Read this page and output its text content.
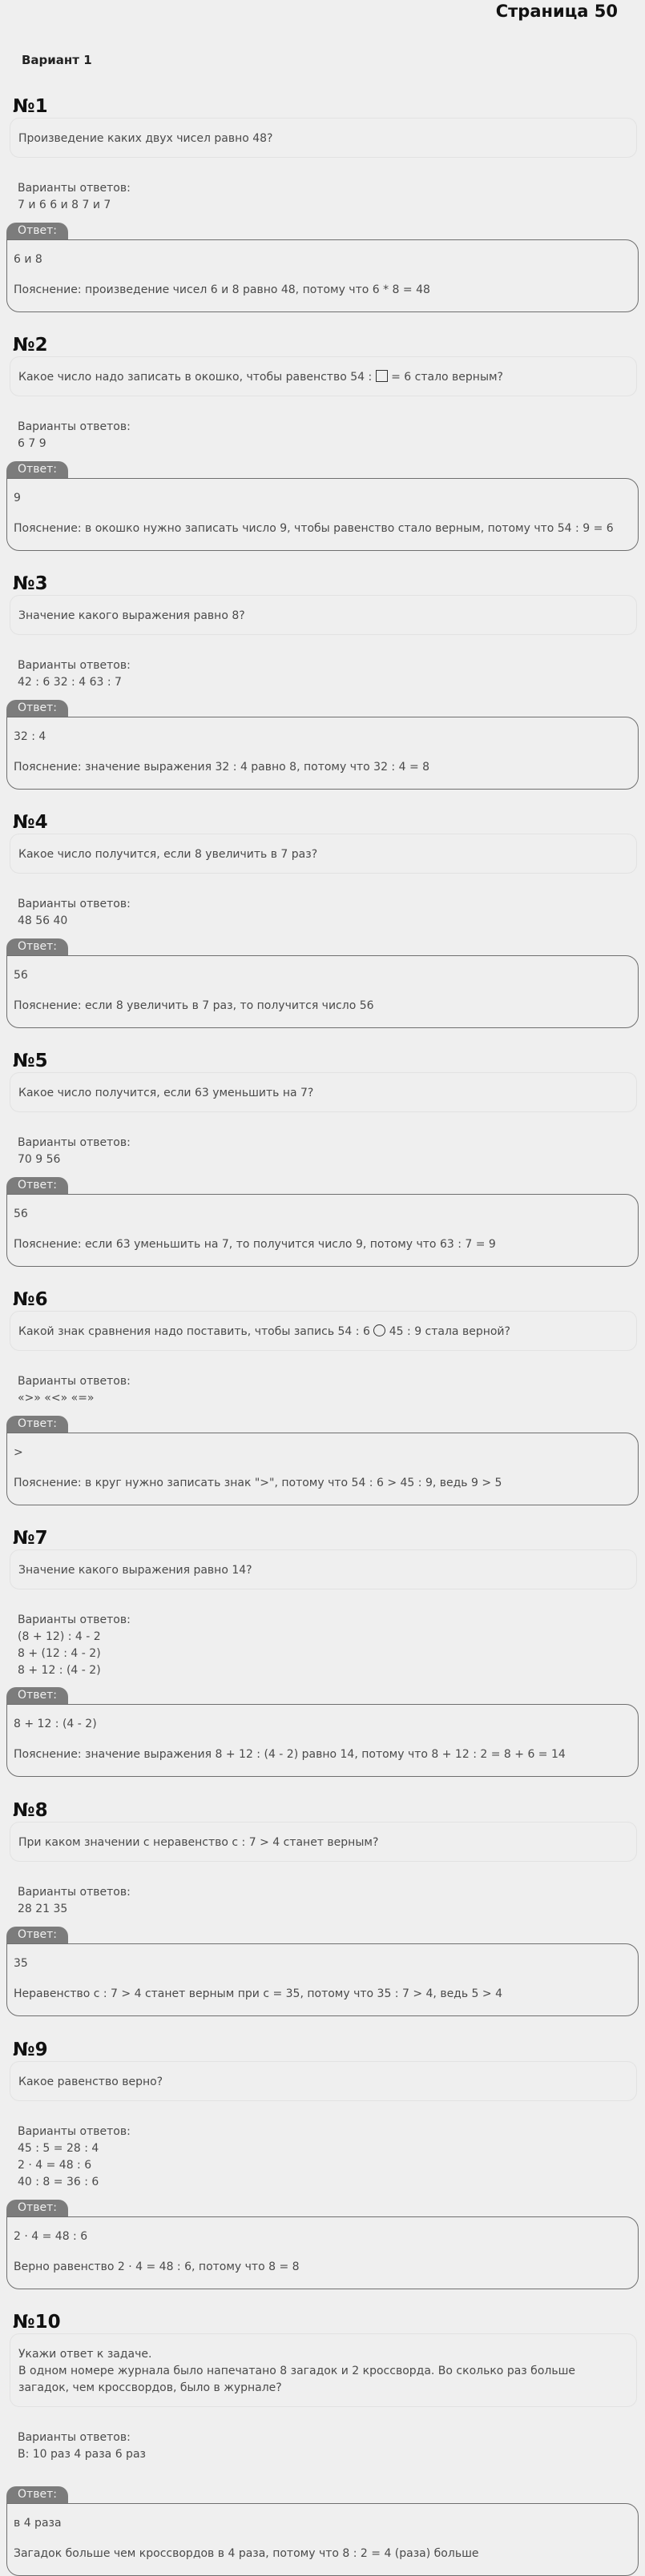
Страница 50
Вариант 1
№1
Произведение каких двух чисел равно 48?
Варианты ответов:
7 и 6 6 и 8 7 и 7
Ответ:
6 и 8
Пояснение: произведение чисел 6 и 8 равно 48, потому что 6 * 8 = 48
№2
Какое число надо записать в окошко, чтобы равенство 54 :  = 6 стало верным?
Варианты ответов:
6 7 9
Ответ:
9
Пояснение: в окошко нужно записать число 9, чтобы равенство стало верным, потому что 54 : 9 = 6
№3
Значение какого выражения равно 8?
Варианты ответов:
42 : 6 32 : 4 63 : 7
Ответ:
32 : 4
Пояснение: значение выражения 32 : 4 равно 8, потому что 32 : 4 = 8
№4
Какое число получится, если 8 увеличить в 7 раз?
Варианты ответов:
48 56 40
Ответ:
56
Пояснение: если 8 увеличить в 7 раз, то получится число 56
№5
Какое число получится, если 63 уменьшить на 7?
Варианты ответов:
70 9 56
Ответ:
56
Пояснение: если 63 уменьшить на 7, то получится число 9, потому что 63 : 7 = 9
№6
Какой знак сравнения надо поставить, чтобы запись 54 : 6  45 : 9 стала верной?
Варианты ответов:
«>» «<» «=»
Ответ:
>
Пояснение: в круг нужно записать знак ">", потому что 54 : 6 > 45 : 9, ведь 9 > 5
№7
Значение какого выражения равно 14?
Варианты ответов:
(8 + 12) : 4 - 2
8 + (12 : 4 - 2)
8 + 12 : (4 - 2)
Ответ:
8 + 12 : (4 - 2)
Пояснение: значение выражения 8 + 12 : (4 - 2) равно 14, потому что 8 + 12 : 2 = 8 + 6 = 14
№8
При каком значении c неравенство c : 7 > 4 станет верным?
Варианты ответов:
28 21 35
Ответ:
35
Неравенство c : 7 > 4 станет верным при c = 35, потому что 35 : 7 > 4, ведь 5 > 4
№9
Какое равенство верно?
Варианты ответов:
45 : 5 = 28 : 4
2 · 4 = 48 : 6
40 : 8 = 36 : 6
Ответ:
2 · 4 = 48 : 6
Верно равенство 2 · 4 = 48 : 6, потому что 8 = 8
№10
Укажи ответ к задаче.
В одном номере журнала было напечатано 8 загадок и 2 кроссворда. Во сколько раз больше загадок, чем кроссвордов, было в журнале?
Варианты ответов:
В: 10 раз 4 раза 6 раз
Ответ:
в 4 раза
Загадок больше чем кроссвордов в 4 раза, потому что 8 : 2 = 4 (раза) больше
